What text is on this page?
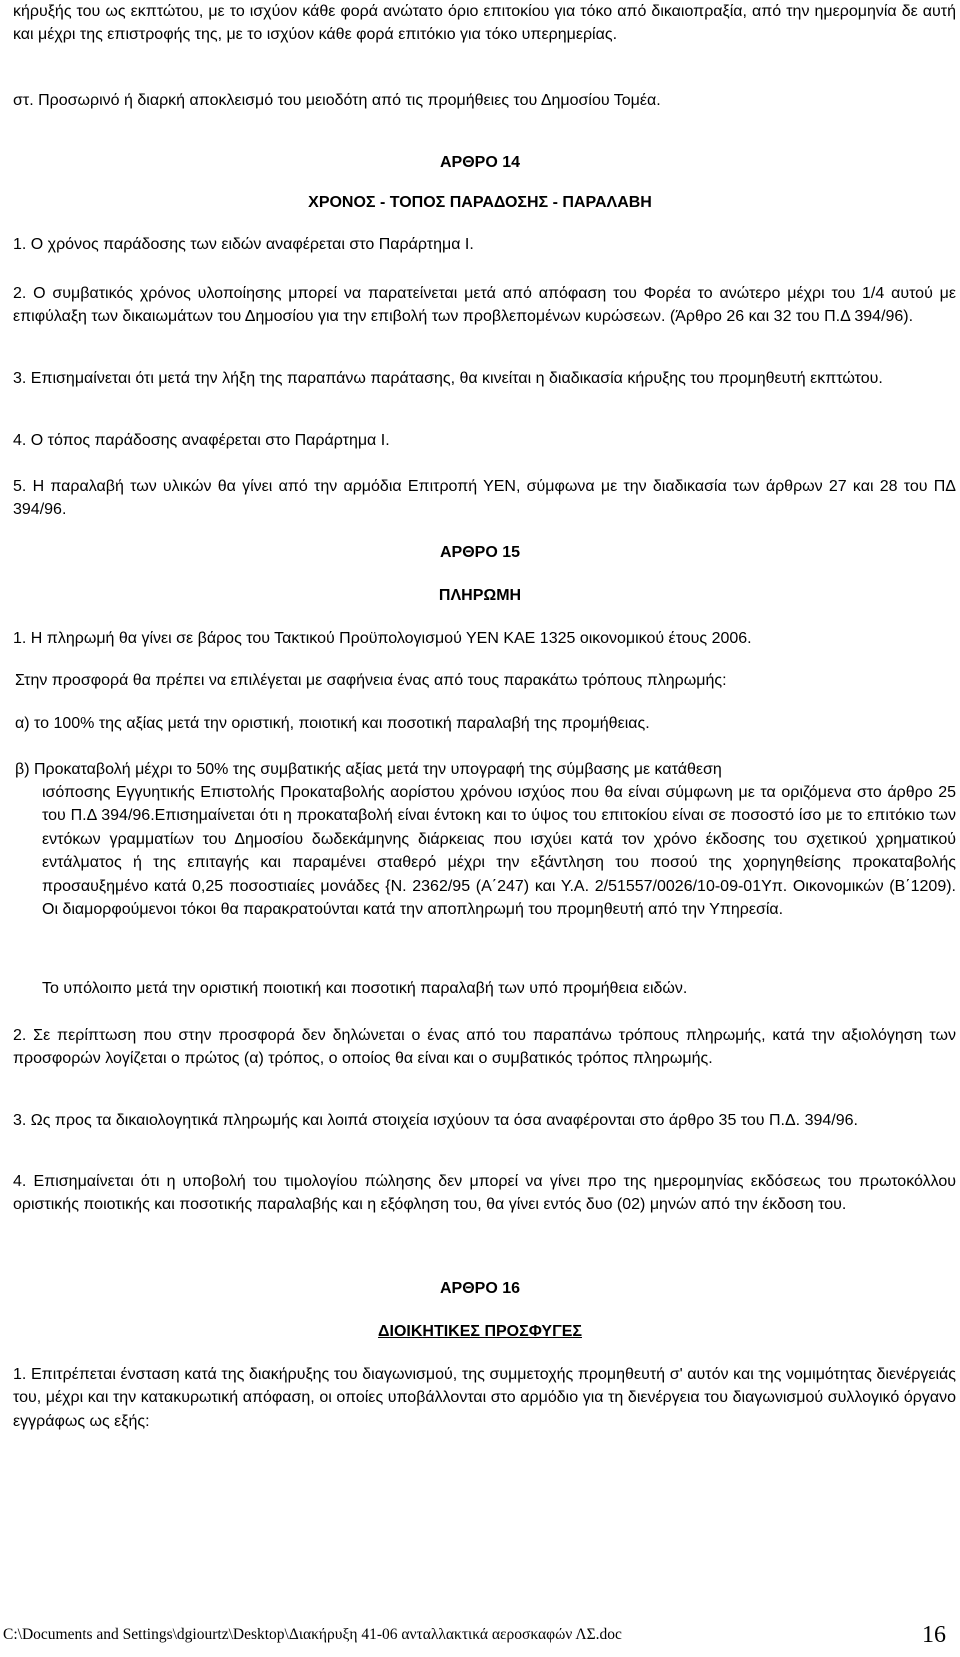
κήρυξής του ως εκπτώτου, με το ισχύον κάθε φορά ανώτατο όριο επιτοκίου για τόκο από δικαιοπραξία, από την ημερομηνία δε αυτή και μέχρι της επιστροφής της, με το ισχύον κάθε φορά επιτόκιο για τόκο υπερημερίας.

στ. Προσωρινό ή διαρκή αποκλεισμό του μειοδότη από τις προμήθειες του Δημοσίου Τομέα.

ΑΡΘΡΟ 14

ΧΡΟΝΟΣ - ΤΟΠΟΣ ΠΑΡΑΔΟΣΗΣ - ΠΑΡΑΛΑΒΗ

1. Ο χρόνος παράδοσης των ειδών αναφέρεται στο Παράρτημα Ι.

2. Ο συμβατικός χρόνος υλοποίησης μπορεί να παρατείνεται μετά από απόφαση του Φορέα το ανώτερο μέχρι του 1/4 αυτού με επιφύλαξη των δικαιωμάτων του Δημοσίου για την επιβολή των προβλεπομένων κυρώσεων. (Άρθρο 26 και 32 του Π.Δ 394/96).

3. Επισημαίνεται ότι μετά την λήξη της παραπάνω παράτασης, θα κινείται η διαδικασία κήρυξης του προμηθευτή εκπτώτου.

4. Ο τόπος παράδοσης αναφέρεται στο Παράρτημα Ι.

5. Η παραλαβή των υλικών θα γίνει από την αρμόδια Επιτροπή ΥΕΝ, σύμφωνα με την διαδικασία των άρθρων 27 και 28 του ΠΔ 394/96.

ΑΡΘΡΟ 15

ΠΛΗΡΩΜΗ

1. Η πληρωμή θα γίνει σε βάρος του Τακτικού Προϋπολογισμού ΥΕΝ ΚΑΕ 1325 οικονομικού έτους 2006.

Στην προσφορά θα πρέπει να επιλέγεται με σαφήνεια ένας από τους παρακάτω τρόπους πληρωμής:

α) το 100% της αξίας μετά την οριστική, ποιοτική και ποσοτική παραλαβή της προμήθειας.

β) Προκαταβολή μέχρι το 50% της συμβατικής αξίας μετά την υπογραφή της σύμβασης με κατάθεση

ισόποσης Εγγυητικής Επιστολής Προκαταβολής αορίστου χρόνου ισχύος που θα είναι σύμφωνη με τα οριζόμενα στο άρθρο 25 του Π.Δ 394/96.Επισημαίνεται ότι η προκαταβολή είναι έντοκη και το ύψος του επιτοκίου είναι σε ποσοστό ίσο με το επιτόκιο των εντόκων γραμματίων του Δημοσίου δωδεκάμηνης διάρκειας που ισχύει κατά τον χρόνο έκδοσης του σχετικού χρηματικού εντάλματος ή της επιταγής και παραμένει σταθερό μέχρι την εξάντληση του ποσού της χορηγηθείσης προκαταβολής προσαυξημένο κατά 0,25 ποσοστιαίες μονάδες {Ν. 2362/95 (Α΄247) και Υ.Α. 2/51557/0026/10-09-01Υπ. Οικονομικών (Β΄1209). Οι διαμορφούμενοι τόκοι θα παρακρατούνται κατά την αποπληρωμή του προμηθευτή από την Υπηρεσία.

Το υπόλοιπο μετά την οριστική ποιοτική και ποσοτική παραλαβή των υπό προμήθεια ειδών.

2. Σε περίπτωση που στην προσφορά δεν δηλώνεται ο ένας από του παραπάνω τρόπους πληρωμής, κατά την αξιολόγηση των προσφορών λογίζεται ο πρώτος (α) τρόπος, ο οποίος θα είναι και ο συμβατικός τρόπος πληρωμής.

3. Ως προς τα δικαιολογητικά πληρωμής και λοιπά στοιχεία ισχύουν τα όσα αναφέρονται στο άρθρο 35 του Π.Δ. 394/96.

4. Επισημαίνεται ότι η υποβολή του τιμολογίου πώλησης δεν μπορεί να γίνει προ της ημερομηνίας εκδόσεως του πρωτοκόλλου οριστικής ποιοτικής και ποσοτικής παραλαβής και η εξόφληση του, θα γίνει εντός δυο (02) μηνών από την έκδοση του.

ΑΡΘΡΟ 16

ΔΙΟΙΚΗΤΙΚΕΣ ΠΡΟΣΦΥΓΕΣ

1. Επιτρέπεται ένσταση κατά της διακήρυξης του διαγωνισμού, της συμμετοχής προμηθευτή σ' αυτόν και της νομιμότητας διενέργειάς του, μέχρι και την κατακυρωτική απόφαση, οι οποίες υποβάλλονται στο αρμόδιο για τη διενέργεια του διαγωνισμού συλλογικό όργανο εγγράφως ως εξής:

C:\Documents and Settings\dgiourtz\Desktop\Διακήρυξη 41-06 ανταλλακτικά αεροσκαφών ΛΣ.doc	16
